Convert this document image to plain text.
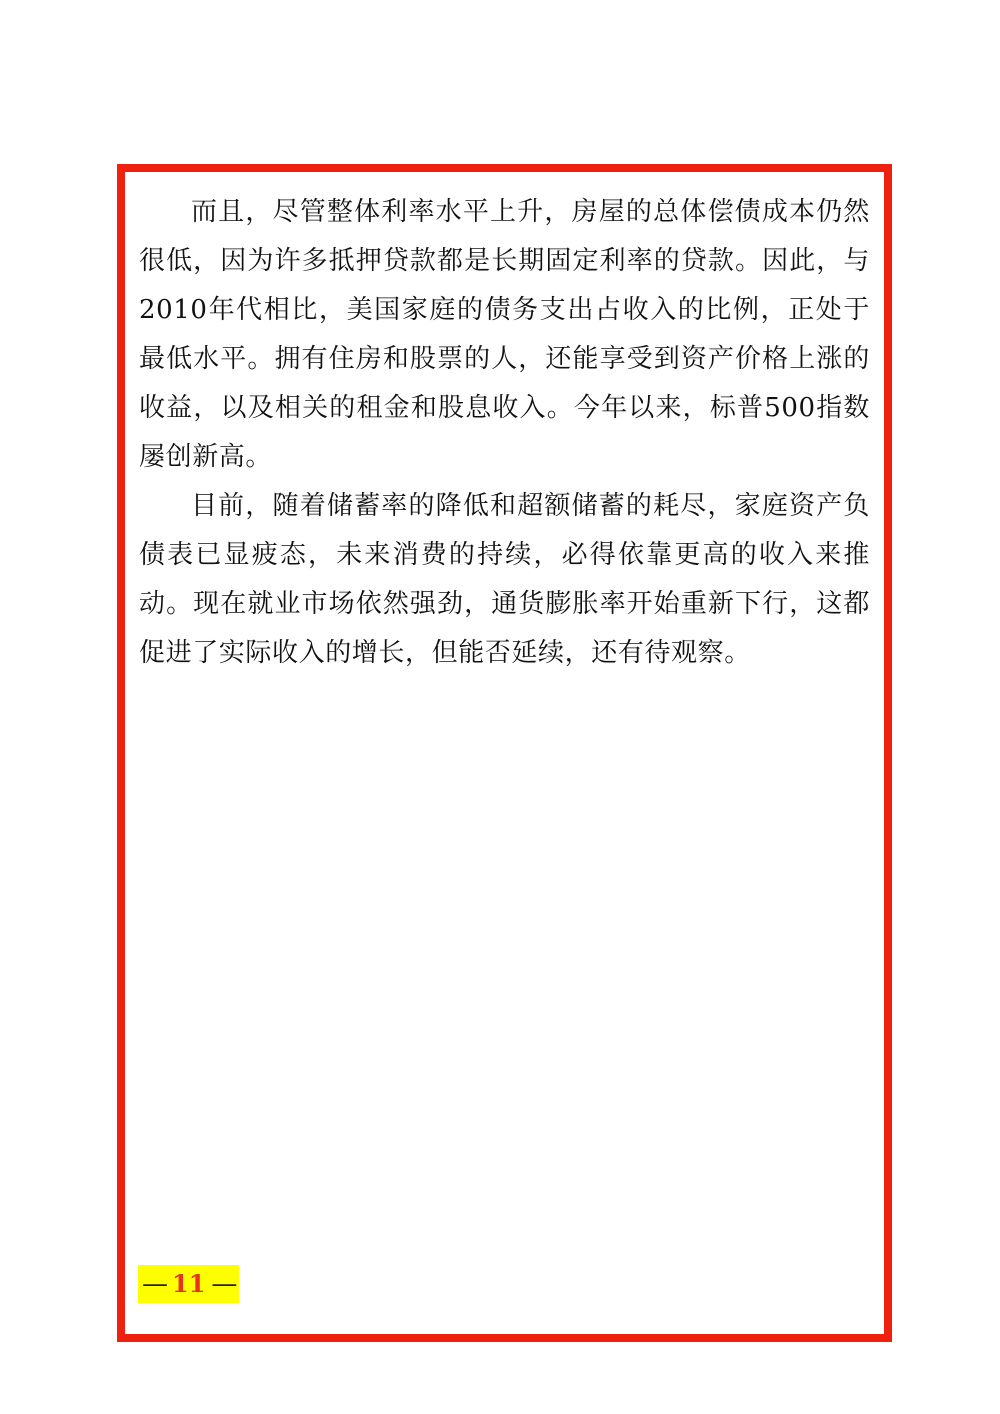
而且，尽管整体利率水平上升，房屋的总体偿债成本仍然很低，因为许多抵押贷款都是长期固定利率的贷款。因此，与2010年代相比，美国家庭的债务支出占收入的比例，正处于最低水平。拥有住房和股票的人，还能享受到资产价格上涨的收益，以及相关的租金和股息收入。今年以来，标普500指数屡创新高。

目前，随着储蓄率的降低和超额储蓄的耗尽，家庭资产负债表已显疲态，未来消费的持续，必得依靠更高的收入来推动。现在就业市场依然强劲，通货膨胀率开始重新下行，这都促进了实际收入的增长，但能否延续，还有待观察。

— 11 —
